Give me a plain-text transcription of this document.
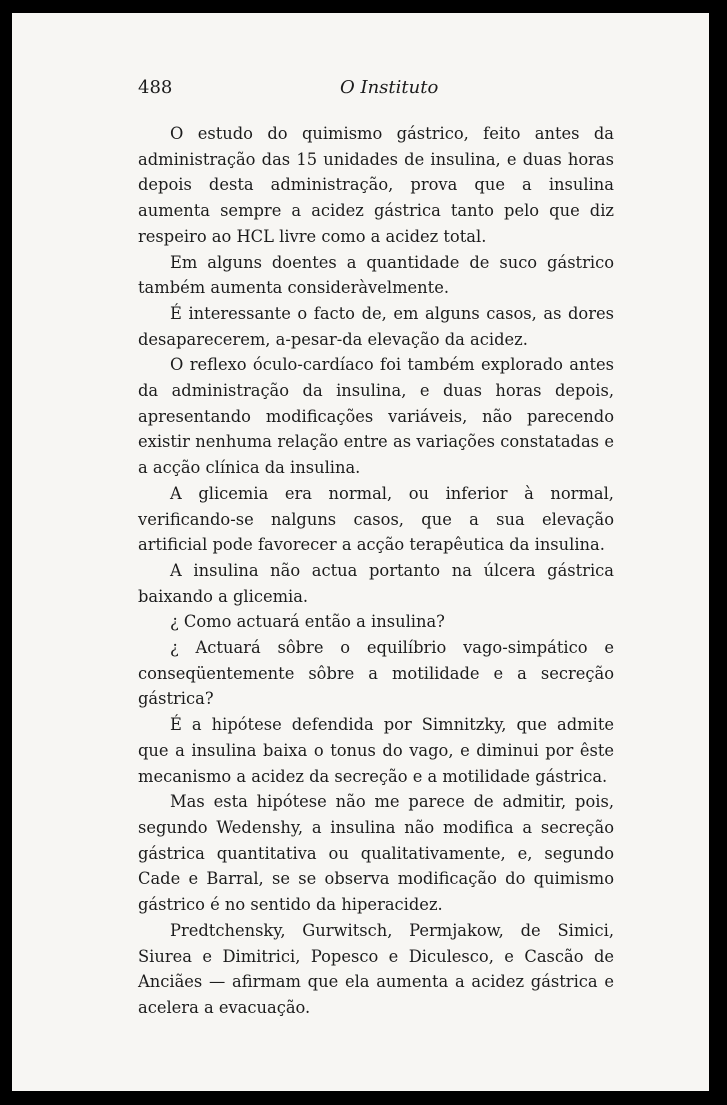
488	O Instituto

O estudo do quimismo gástrico, feito antes da administração das 15 unidades de insulina, e duas horas depois desta administração, prova que a insulina aumenta sempre a acidez gástrica tanto pelo que diz respeiro ao HCL livre como a acidez total.

Em alguns doentes a quantidade de suco gástrico também aumenta consideràvelmente.

É interessante o facto de, em alguns casos, as dores desaparecerem, a-pesar-da elevação da acidez.

O reflexo óculo-cardíaco foi também explorado antes da administração da insulina, e duas horas depois, apresentando modificações variáveis, não parecendo existir nenhuma relação entre as variações constatadas e a acção clínica da insulina.

A glicemia era normal, ou inferior à normal, verificando-se nalguns casos, que a sua elevação artificial pode favorecer a acção terapêutica da insulina.

A insulina não actua portanto na úlcera gástrica baixando a glicemia.

¿ Como actuará então a insulina?

¿ Actuará sôbre o equilíbrio vago-simpático e conseqüentemente sôbre a motilidade e a secreção gástrica?

É a hipótese defendida por Simnitzky, que admite que a insulina baixa o tonus do vago, e diminui por êste mecanismo a acidez da secreção e a motilidade gástrica.

Mas esta hipótese não me parece de admitir, pois, segundo Wedenshy, a insulina não modifica a secreção gástrica quantitativa ou qualitativamente, e, segundo Cade e Barral, se se observa modificação do quimismo gástrico é no sentido da hiperacidez.

Predtchensky, Gurwitsch, Permjakow, de Simici, Siurea e Dimitrici, Popesco e Diculesco, e Cascão de Anciães — afirmam que ela aumenta a acidez gástrica e acelera a evacuação.
